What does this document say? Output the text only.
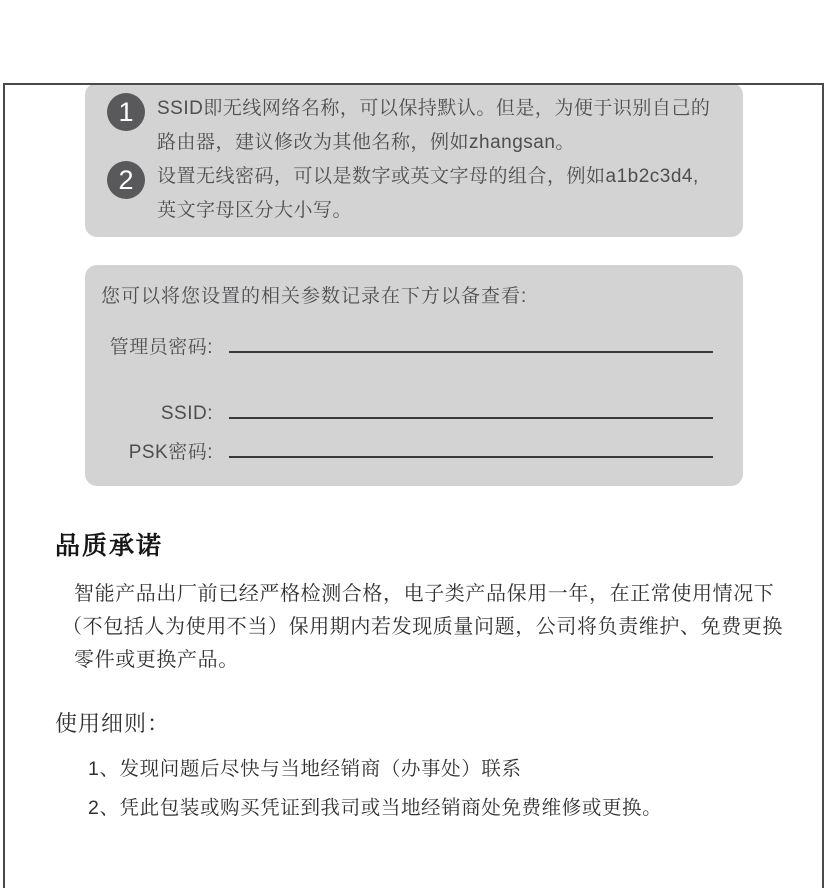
1	SSID即无线网络名称，可以保持默认。但是，为便于识别自己的
路由器，建议修改为其他名称，例如zhangsan。
2	设置无线密码，可以是数字或英文字母的组合，例如a1b2c3d4,
英文字母区分大小写。
您可以将您设置的相关参数记录在下方以备查看:
管理员密码:
SSID:
PSK密码:
品质承诺
智能产品出厂前已经严格检测合格，电子类产品保用一年，在正常使用情况下
（不包括人为使用不当）保用期内若发现质量问题，公司将负责维护、免费更换
零件或更换产品。
使用细则：
1、发现问题后尽快与当地经销商（办事处）联系
2、凭此包装或购买凭证到我司或当地经销商处免费维修或更换。
